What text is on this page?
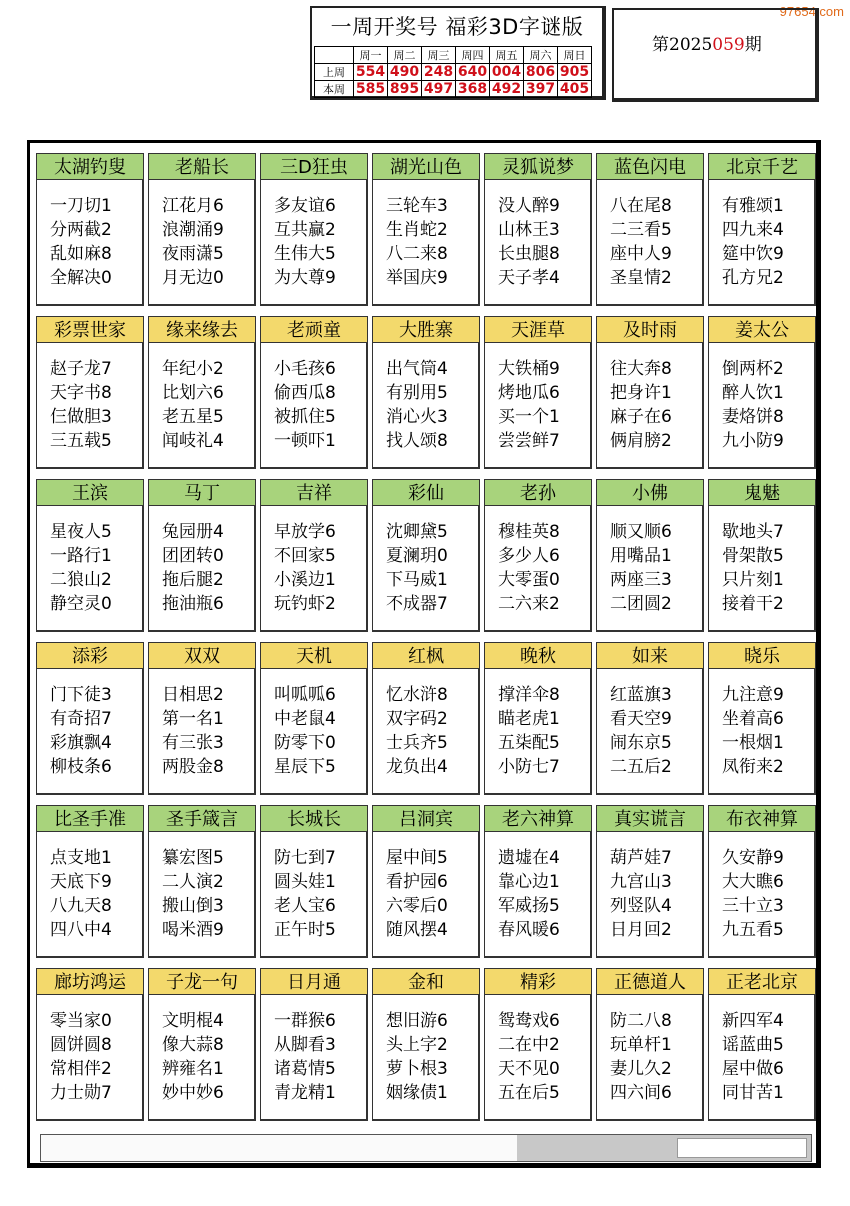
97654.com
一周开奖号 福彩3D字谜版
	周一	周二	周三	周四	周五	周六	周日
上周	554	490	248	640	004	806	905
本周	585	895	497	368	492	397	405
第2025059期
太湖钓叟
一刀切1
分两截2
乱如麻8
全解决0
老船长
江花月6
浪潮涌9
夜雨潇5
月无边0
三D狂虫
多友谊6
互共赢2
生伟大5
为大尊9
湖光山色
三轮车3
生肖蛇2
八二来8
举国庆9
灵狐说梦
没人醉9
山林王3
长虫腿8
天子孝4
蓝色闪电
八在尾8
二三看5
座中人9
圣皇情2
北京千艺
有雅颂1
四九来4
筵中饮9
孔方兄2
彩票世家
赵子龙7
天字书8
仨做胆3
三五载5
缘来缘去
年纪小2
比划六6
老五星5
闻岐礼4
老顽童
小毛孩6
偷西瓜8
被抓住5
一顿吓1
大胜寨
出气筒4
有别用5
消心火3
找人颂8
天涯草
大铁桶9
烤地瓜6
买一个1
尝尝鲜7
及时雨
往大奔8
把身许1
麻子在6
俩肩膀2
姜太公
倒两杯2
醉人饮1
妻烙饼8
九小防9
王滨
星夜人5
一路行1
二狼山2
静空灵0
马丁
兔园册4
团团转0
拖后腿2
拖油瓶6
吉祥
早放学6
不回家5
小溪边1
玩钓虾2
彩仙
沈卿黛5
夏澜玥0
下马威1
不成器7
老孙
穆桂英8
多少人6
大零蛋0
二六来2
小佛
顺又顺6
用嘴品1
两座三3
二团圆2
鬼魅
歇地头7
骨架散5
只片刻1
接着干2
添彩
门下徒3
有奇招7
彩旗飘4
柳枝条6
双双
日相思2
第一名1
有三张3
两股金8
天机
叫呱呱6
中老鼠4
防零下0
星辰下5
红枫
忆水浒8
双字码2
士兵齐5
龙负出4
晚秋
撑洋伞8
瞄老虎1
五柒配5
小防七7
如来
红蓝旗3
看天空9
闹东京5
二五后2
晓乐
九注意9
坐着高6
一根烟1
凤衔来2
比圣手准
点支地1
天底下9
八九天8
四八中4
圣手箴言
纂宏图5
二人演2
搬山倒3
喝米酒9
长城长
防七到7
圆头娃1
老人宝6
正午时5
吕洞宾
屋中间5
看护园6
六零后0
随风摆4
老六神算
遗墟在4
靠心边1
军威扬5
春风暖6
真实谎言
葫芦娃7
九宫山3
列竖队4
日月回2
布衣神算
久安静9
大大瞧6
三十立3
九五看5
廊坊鸿运
零当家0
圆饼圆8
常相伴2
力士勋7
子龙一句
文明棍4
像大蒜8
辨雍名1
妙中妙6
日月通
一群猴6
从脚看3
诸葛情5
青龙精1
金和
想旧游6
头上字2
萝卜根3
姻缘债1
精彩
鸳鸯戏6
二在中2
天不见0
五在后5
正德道人
防二八8
玩单杆1
妻儿久2
四六间6
正老北京
新四军4
谣蓝曲5
屋中做6
同甘苦1
